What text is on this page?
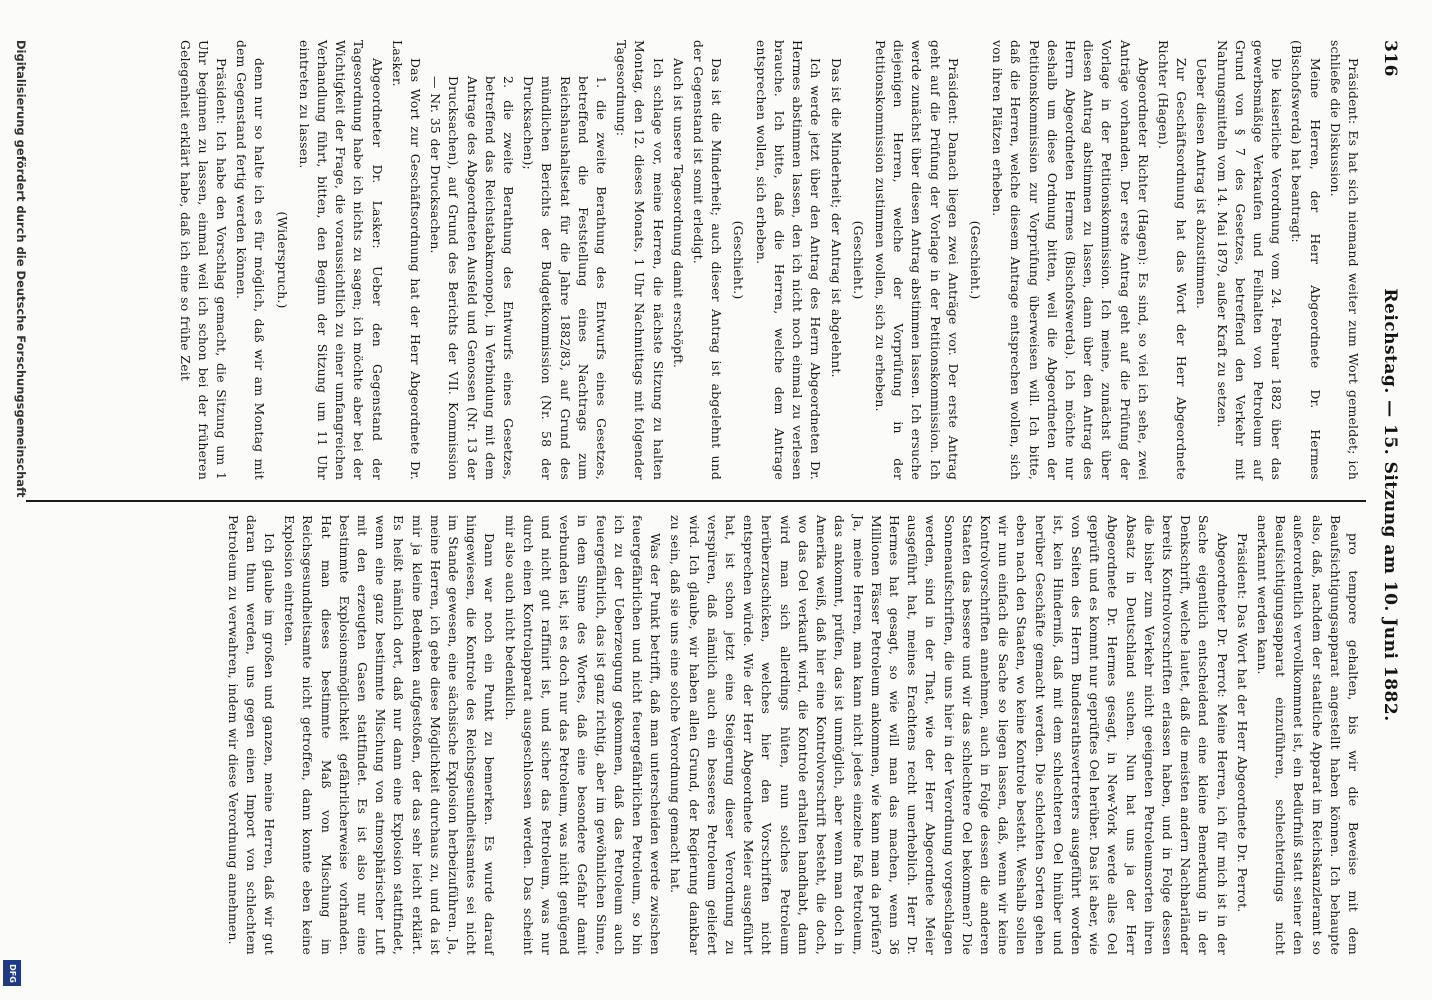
316
Reichstag. — 15. Sitzung am 10. Juni 1882.

Präsident: Es hat sich niemand weiter zum Wort gemeldet; ich schließe die Diskussion.

Meine Herren, der Herr Abgeordnete Dr. Hermes (Bischofswerda) hat beantragt:

Die kaiserliche Verordnung vom 24. Februar 1882 über das gewerbsmäßige Verkaufen und Feilhalten von Petroleum auf Grund von § 7 des Gesetzes, betreffend den Verkehr mit Nahrungsmitteln vom 14. Mai 1879, außer Kraft zu setzen.

Ueber diesen Antrag ist abzustimmen.

Zur Geschäftsordnung hat das Wort der Herr Abgeordnete Richter (Hagen).

Abgeordneter Richter (Hagen): Es sind, so viel ich sehe, zwei Anträge vorhanden. Der erste Antrag geht auf die Prüfung der Vorlage in der Petitionskommission. Ich meine, zunächst über diesen Antrag abstimmen zu lassen, dann über den Antrag des Herrn Abgeordneten Hermes (Bischofswerda). Ich möchte nur deshalb um diese Ordnung bitten, weil die Abgeordneten der Petitionskommission zur Vorprüfung überweisen will. Ich bitte, daß die Herren, welche diesem Antrage entsprechen wollen, sich von ihren Plätzen erheben.

(Geschieht.)

Präsident: Danach liegen zwei Anträge vor. Der erste Antrag geht auf die Prüfung der Vorlage in der Petitionskommission. Ich werde zunächst über diesen Antrag abstimmen lassen. Ich ersuche diejenigen Herren, welche der Vorprüfung in der Petitionskommission zustimmen wollen, sich zu erheben.

(Geschieht.)

Das ist die Minderheit; der Antrag ist abgelehnt.

Ich werde jetzt über den Antrag des Herrn Abgeordneten Dr. Hermes abstimmen lassen, den ich nicht noch einmal zu verlesen brauche. Ich bitte, daß die Herren, welche dem Antrage entsprechen wollen, sich erheben.

(Geschieht.)

Das ist die Minderheit; auch dieser Antrag ist abgelehnt und der Gegenstand ist somit erledigt.

Auch ist unsere Tagesordnung damit erschöpft.

Ich schlage vor, meine Herren, die nächste Sitzung zu halten Montag, den 12. dieses Monats, 1 Uhr Nachmittags mit folgender Tagesordnung:

1. die zweite Berathung des Entwurfs eines Gesetzes, betreffend die Feststellung eines Nachtrags zum Reichshaushaltsetat für die Jahre 1882/83, auf Grund des mündlichen Berichts der Budgetkommission (Nr. 58 der Drucksachen);

2. die zweite Berathung des Entwurfs eines Gesetzes, betreffend das Reichstabakmonopol, in Verbindung mit dem Antrage des Abgeordneten Ausfeld und Genossen (Nr. 13 der Drucksachen), auf Grund des Berichts der VII. Kommission — Nr. 35 der Drucksachen.

Das Wort zur Geschäftsordnung hat der Herr Abgeordnete Dr. Lasker.

Abgeordneter Dr. Lasker: Ueber den Gegenstand der Tagesordnung habe ich nichts zu sagen; ich möchte aber bei der Wichtigkeit der Frage, die voraussichtlich zu einer umfangreichen Verhandlung führt, bitten, den Beginn der Sitzung um 11 Uhr eintreten zu lassen.

(Widerspruch.)

denn nur so halte ich es für möglich, daß wir am Montag mit dem Gegenstand fertig werden können.

Präsident: Ich habe den Vorschlag gemacht, die Sitzung um 1 Uhr beginnen zu lassen, einmal weil ich schon bei der früheren Gelegenheit erklärt habe, daß ich eine so frühe Zeit

pro tempore gehalten, bis wir die Beweise mit dem Beaufsichtigungsapparat angestellt haben können. Ich behaupte also, daß, nachdem der staatliche Apparat im Reichskanzleramt so außerordentlich vervollkommnet ist, ein Bedürfniß statt seiner den Beaufsichtigungsapparat einzuführen, schlechterdings nicht anerkannt werden kann.

Präsident: Das Wort hat der Herr Abgeordnete Dr. Perrot.

Abgeordneter Dr. Perrot: Meine Herren, ich für mich ist in der Sache eigentlich entscheidend eine kleine Bemerkung in der Denkschrift, welche lautet, daß die meisten andern Nachbarländer bereits Kontrolvorschriften erlassen haben, und in Folge dessen die bisher zum Verkehr nicht geeigneten Petroleumsorten ihren Absatz in Deutschland suchen. Nun hat uns ja der Herr Abgeordnete Dr. Hermes gesagt, in New-York werde alles Oel geprüft und es kommt nur geprüftes Oel herüber. Das ist aber, wie von Seiten des Herrn Bundesrathsvertreters ausgeführt worden ist, kein Hinderniß, daß mit dem schlechteren Oel hinüber und herüber Geschäfte gemacht werden. Die schlechten Sorten gehen eben nach den Staaten, wo keine Kontrole besteht. Weshalb sollen wir nun einfach die Sache so liegen lassen, daß, wenn wir keine Kontrolvorschriften annehmen, auch in Folge dessen die anderen Staaten das bessere und wir das schlechtere Oel bekommen? Die Sonnenaufschriften, die uns hier in der Verordnung vorgeschlagen werden, sind in der That, wie der Herr Abgeordnete Meier ausgeführt hat, meines Erachtens recht unerheblich. Herr Dr. Hermes hat gesagt, so wie will man das machen, wenn 36 Millionen Fässer Petroleum ankommen, wie kann man da prüfen? Ja, meine Herren, man kann nicht jedes einzelne Faß Petroleum, das ankommt, prüfen, das ist unmöglich, aber wenn man doch in Amerika weiß, daß hier eine Kontrolvorschrift besteht, die doch, wo das Oel verkauft wird, die Kontrole erhalten handhabt, dann wird man sich allerdings hüten, nun solches Petroleum herüberzuschicken, welches hier den Vorschriften nicht entsprechen würde. Wie der Herr Abgeordnete Meier ausgeführt hat, ist schon jetzt eine Steigerung dieser Verordnung zu verspüren, daß nämlich auch ein besseres Petroleum geliefert wird. Ich glaube, wir haben allen Grund, der Regierung dankbar zu sein, daß sie uns eine solche Verordnung gemacht hat.

Was der Punkt betrifft, daß man unterscheiden werde zwischen feuergefährlichen und nicht feuergefährlichen Petroleum, so bin ich zu der Ueberzeugung gekommen, daß das Petroleum auch feuergefährlich, das ist ganz richtig, aber im gewöhnlichen Sinne, in dem Sinne des Wortes, daß eine besondere Gefahr damit verbunden ist, ist es doch nur das Petroleum, was nicht genügend und nicht gut raffinirt ist, und sicher das Petroleum, was nur durch einen Kontrolapparat ausgeschlossen werden. Das scheint mir also auch nicht bedenklich.

Dann war noch ein Punkt zu bemerken. Es wurde darauf hingewiesen, die Kontrole des Reichsgesundheitsamtes sei nicht im Stande gewesen, eine sächsische Explosion herbeizuführen. Ja, meine Herren, ich gebe diese Möglichkeit durchaus zu, und da ist mir ja kleine Bedenken aufgestoßen, der das sehr leicht erklärt. Es heißt nämlich dort, daß nur dann eine Explosion stattfindet, wenn eine ganz bestimmte Mischung von atmosphärischer Luft mit den erzeugten Gasen stattfindet. Es ist also nur eine bestimmte Explosionsmöglichkeit gefährlicherweise vorhanden. Hat man dieses bestimmte Maß von Mischung im Reichsgesundheitsamte nicht getroffen, dann konnte eben keine Explosion eintreten.

Ich glaube im großen und ganzen, meine Herren, daß wir gut daran thun werden, uns gegen einen Import von schlechtem Petroleum zu verwahren, indem wir diese Verordnung annehmen.

Digitalisierung gefördert durch die Deutsche Forschungsgemeinschaft
DFG
